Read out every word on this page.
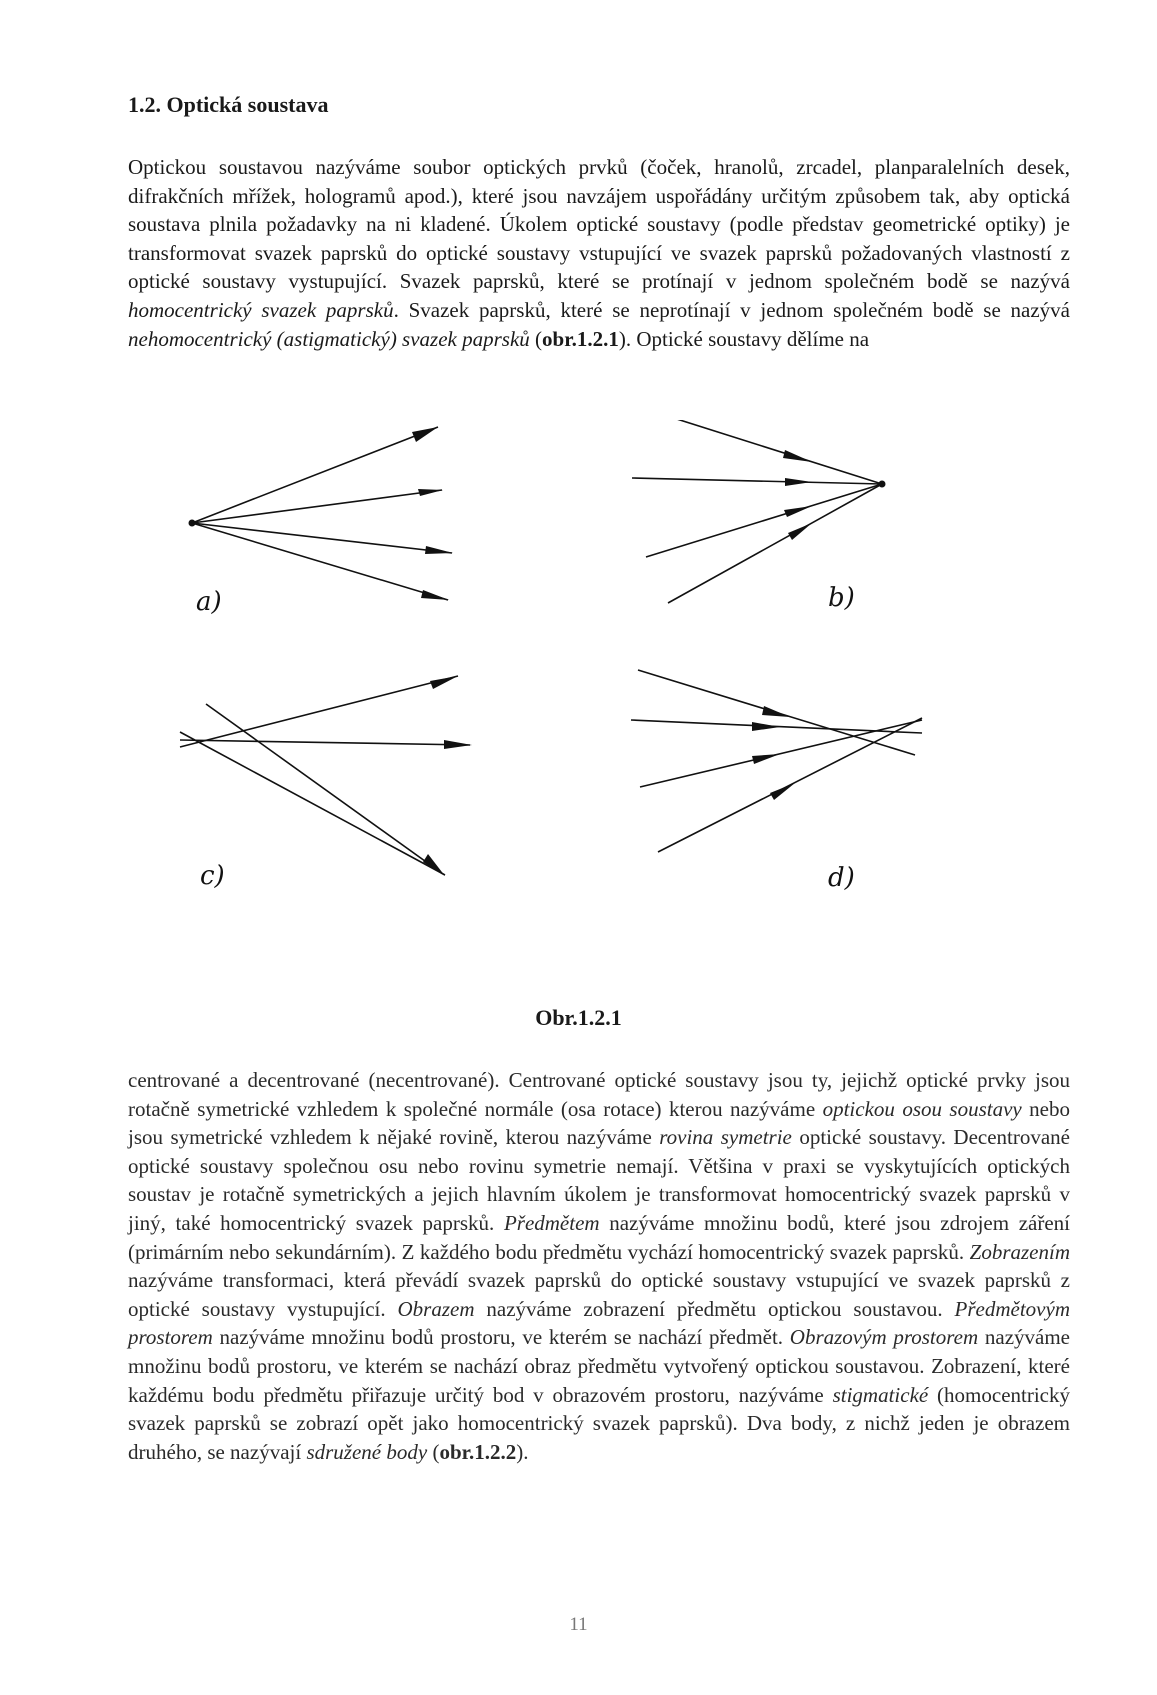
1.2. Optická soustava

Optickou soustavou nazýváme soubor optických prvků (čoček, hranolů, zrcadel, planparalelních desek, difrakčních mřížek, hologramů apod.), které jsou navzájem uspořádány určitým způsobem tak, aby optická soustava plnila požadavky na ni kladené. Úkolem optické soustavy (podle představ geometrické optiky) je transformovat svazek paprsků do optické soustavy vstupující ve svazek paprsků požadovaných vlastností z optické soustavy vystupující. Svazek paprsků, které se protínají v jednom společném bodě se nazývá homocentrický svazek paprsků. Svazek paprsků, které se neprotínají v jednom společném bodě se nazývá nehomocentrický (astigmatický) svazek paprsků (obr.1.2.1). Optické soustavy dělíme na

a)	b)
c)	d)

Obr.1.2.1

centrované a decentrované (necentrované). Centrované optické soustavy jsou ty, jejichž optické prvky jsou rotačně symetrické vzhledem k společné normále (osa rotace) kterou nazýváme optickou osou soustavy nebo jsou symetrické vzhledem k nějaké rovině, kterou nazýváme rovina symetrie optické soustavy. Decentrované optické soustavy společnou osu nebo rovinu symetrie nemají. Většina v praxi se vyskytujících optických soustav je rotačně symetrických a jejich hlavním úkolem je transformovat homocentrický svazek paprsků v jiný, také homocentrický svazek paprsků. Předmětem nazýváme množinu bodů, které jsou zdrojem záření (primárním nebo sekundárním). Z každého bodu předmětu vychází homocentrický svazek paprsků. Zobrazením nazýváme transformaci, která převádí svazek paprsků do optické soustavy vstupující ve svazek paprsků z optické soustavy vystupující. Obrazem nazýváme zobrazení předmětu optickou soustavou. Předmětovým prostorem nazýváme množinu bodů prostoru, ve kterém se nachází předmět. Obrazovým prostorem nazýváme množinu bodů prostoru, ve kterém se nachází obraz předmětu vytvořený optickou soustavou. Zobrazení, které každému bodu předmětu přiřazuje určitý bod v obrazovém prostoru, nazýváme stigmatické (homocentrický svazek paprsků se zobrazí opět jako homocentrický svazek paprsků). Dva body, z nichž jeden je obrazem druhého, se nazývají sdružené body (obr.1.2.2).

11
